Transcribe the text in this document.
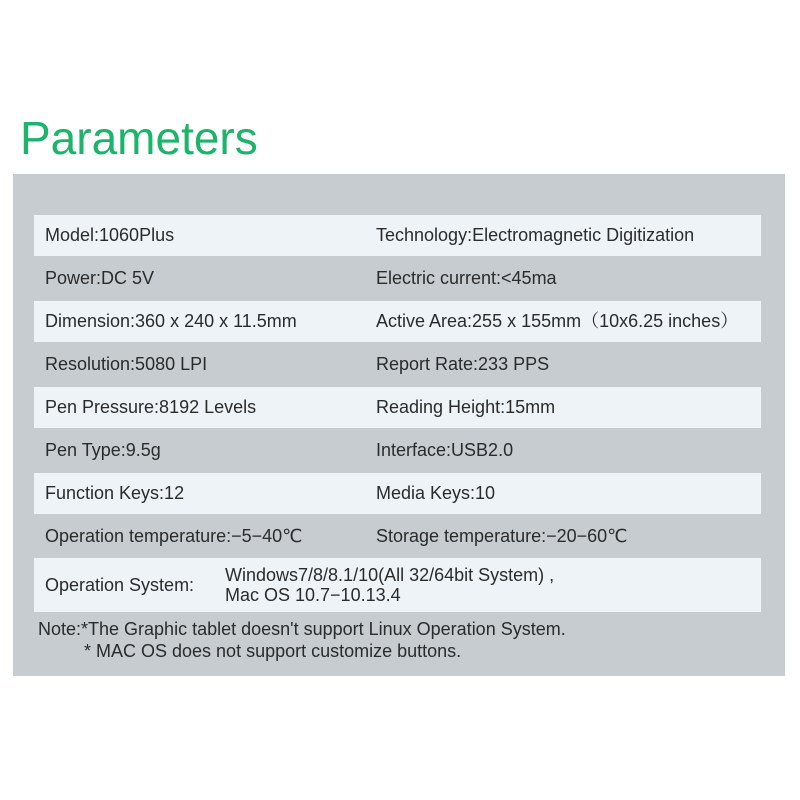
Parameters
Model:1060Plus	Technology:Electromagnetic Digitization
Power:DC 5V	Electric current:<45ma
Dimension:360 x 240 x 11.5mm	Active Area:255 x 155mm（10x6.25 inches）
Resolution:5080 LPI	Report Rate:233 PPS
Pen Pressure:8192 Levels	Reading Height:15mm
Pen Type:9.5g	Interface:USB2.0
Function Keys:12	Media Keys:10
Operation temperature:−5−40℃	Storage temperature:−20−60℃
Operation System: Windows7/8/8.1/10(All 32/64bit System) ,
Mac OS 10.7−10.13.4
Note:*The Graphic tablet doesn't support Linux Operation System.
* MAC OS does not support customize buttons.
